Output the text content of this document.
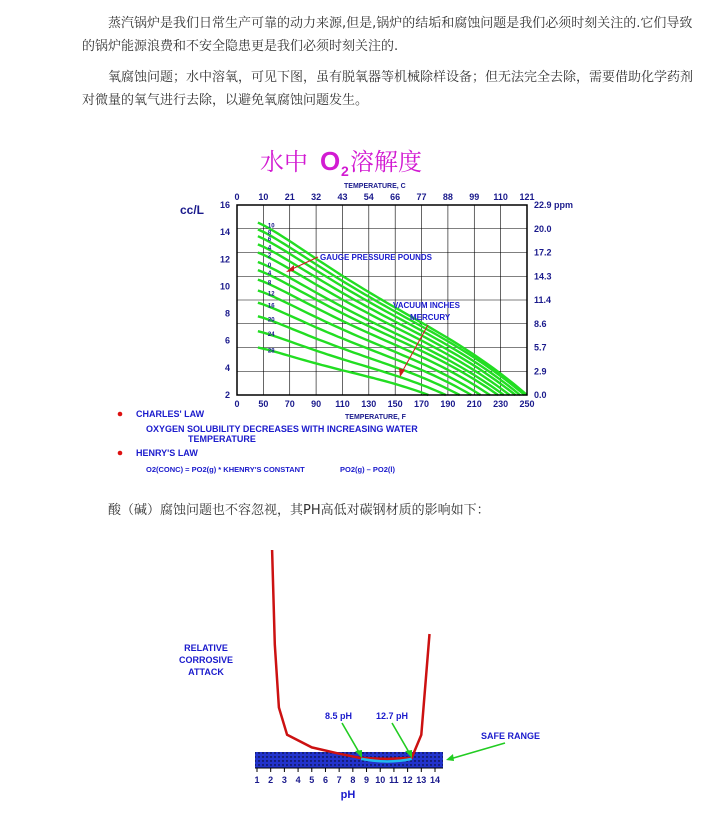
蒸汽锅炉是我们日常生产可靠的动力来源,但是,锅炉的结垢和腐蚀问题是我们必须时刻关注的.它们导致的锅炉能源浪费和不安全隐患更是我们必须时刻关注的.

氧腐蚀问题；水中溶氧，可见下图，虽有脱氧器等机械除样设备；但无法完全去除，需要借助化学药剂对微量的氧气进行去除，以避免氧腐蚀问题发生。

水中 O 2 溶解度
TEMPERATURE, C
0 10 21 32 43 54 66 77 88 99 110 121
0 50 70 90 110 130 150 170 190 210 230 250
16
14
12
10
8
6
4
2
22.9 ppm
20.0
17.2
14.3
11.4
8.6
5.7
2.9
0.0
10
8
6
4
2
0
4
8
12
16
20
24
28
cc/L
GAUGE PRESSURE POUNDS
VACUUM INCHES
MERCURY
TEMPERATURE, F
CHARLES' LAW
OXYGEN SOLUBILITY DECREASES WITH INCREASING WATER
TEMPERATURE
HENRY'S LAW
O2(CONC) = PO2(g) * KHENRY'S CONSTANT	PO2(g) – PO2(l)

酸（碱）腐蚀问题也不容忽视，其PH高低对碳钢材质的影响如下：

RELATIVE
CORROSIVE
ATTACK
1 2 3 4 5 6 7 8 9 10 11 12 13 14
8.5 pH	12.7 pH
SAFE RANGE
pH
